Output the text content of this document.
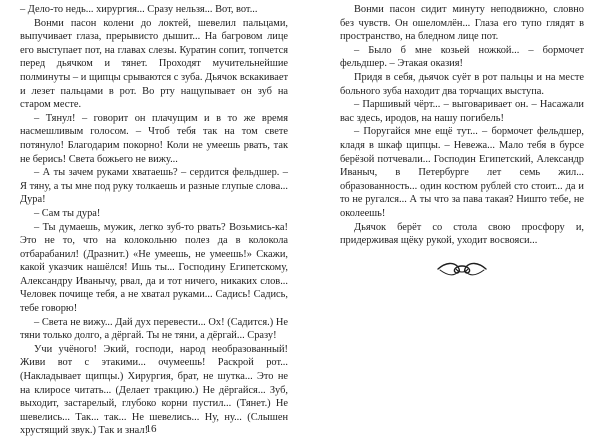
– Дело-то недь... хирургия... Сразу нельзя... Вот, вот...

Вонми пасон колени до локтей, шевелил пальцами, выпучивает глаза, прерывисто дышит... На багровом лице его выступает пот, на главах слезы. Куратин сопит, топчется перед дьячком и тянет. Проходят мучительнейшие полминуты – и щипцы срываются с зуба. Дьячок вскакивает и лезет пальцами в рот. Во рту нащупывает он зуб на старом месте.

– Тянул! – говорит он плачущим и в то же время насмешливым голосом. – Чтоб тебя так на том свете потянуло! Благодарим покорно! Коли не умеешь рвать, так не берись! Света божьего не вижу...

– А ты зачем руками хватаешь? – сердится фельдшер. – Я тяну, а ты мне под руку толкаешь и разные глупые слова... Дура!

– Сам ты дура!

– Ты думаешь, мужик, легко зуб-то рвать? Возьмись-ка! Это не то, что на колокольню полез да в колокола отбарабанил! (Дразнит.) «Не умеешь, не умеешь!» Скажи, какой указчик нашёлся! Ишь ты... Господину Египетскому, Александру Иванычу, рвал, да и тот ничего, никаких слов... Человек почище тебя, а не хватал руками... Садись! Садись, тебе говорю!

– Света не вижу... Дай дух перевести... Ох! (Садится.) Не тяни только долго, а дёргай. Ты не тяни, а дёргай... Сразу!

Учи учёного! Экий, господи, народ необразованный! Живи вот с этакими... очумеешь! Раскрой рот... (Накладывает щипцы.) Хирургия, брат, не шутка... Это не на клиросе читать... (Делает тракцию.) Не дёргайся... Зуб, выходит, застарелый, глубоко корни пустил... (Тянет.) Не шевелись... Так... так... Не шевелись... Ну, ну... (Слышен хрустящий звук.) Так и знал!

16

Вонми пасон сидит минуту неподвижно, словно без чувств. Он ошеломлён... Глаза его тупо глядят в пространство, на бледном лице пот.

– Было б мне козьей ножкой... – бормочет фельдшер. – Этакая оказия!

Придя в себя, дьячок суёт в рот пальцы и на месте больного зуба находит два торчащих выступа.

– Паршивый чёрт... – выговаривает он. – Насажали вас здесь, иродов, на нашу погибель!

– Поругайся мне ещё тут... – бормочет фельдшер, кладя в шкаф щипцы. – Невежа... Мало тебя в бурсе берёзой потчевали... Господин Египетский, Александр Иваныч, в Петербурге лет семь жил... образованность... один костюм рублей сто стоит... да и то не ругался... А ты что за пава такая? Ништо тебе, не околеешь!

Дьячок берёт со стола свою просфору и, придерживая щёку рукой, уходит восвояси...
